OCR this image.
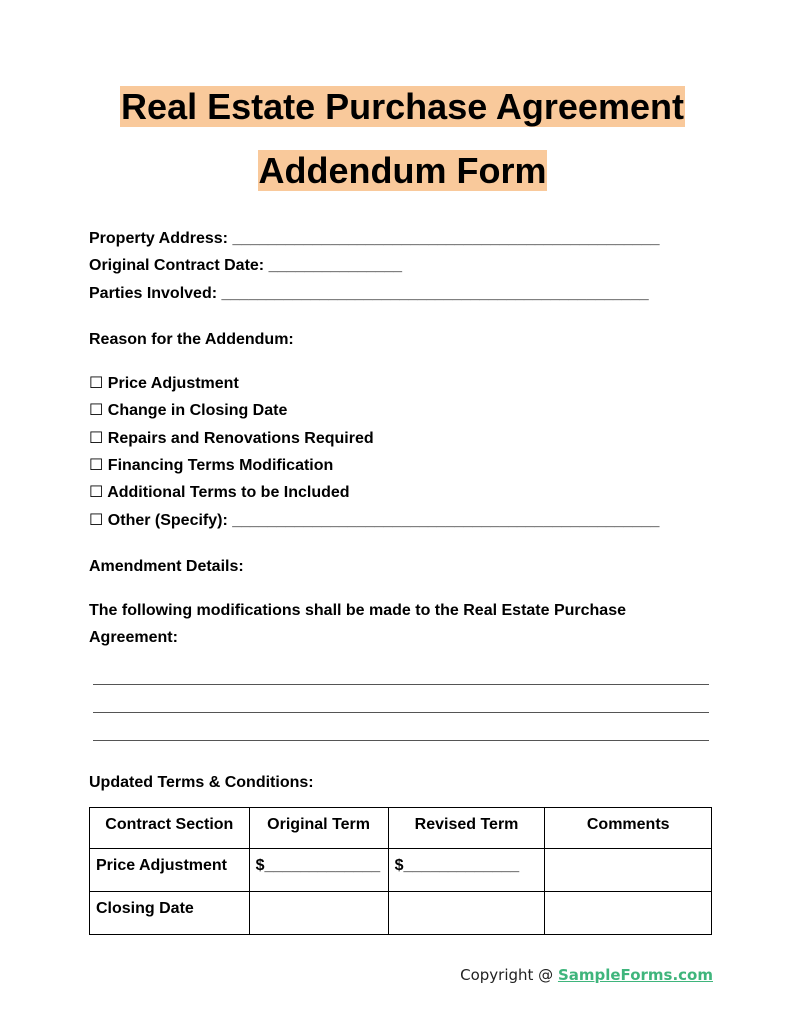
Real Estate Purchase Agreement
Addendum Form
Property Address: ________________________________________________
Original Contract Date: _______________
Parties Involved: ________________________________________________
Reason for the Addendum:
☐ Price Adjustment
☐ Change in Closing Date
☐ Repairs and Renovations Required
☐ Financing Terms Modification
☐ Additional Terms to be Included
☐ Other (Specify): ________________________________________________
Amendment Details:
The following modifications shall be made to the Real Estate Purchase
Agreement:
Updated Terms & Conditions:
Contract Section	Original Term	Revised Term	Comments
Price Adjustment	$_____________	$_____________	
Closing Date			
Copyright @ SampleForms.com
